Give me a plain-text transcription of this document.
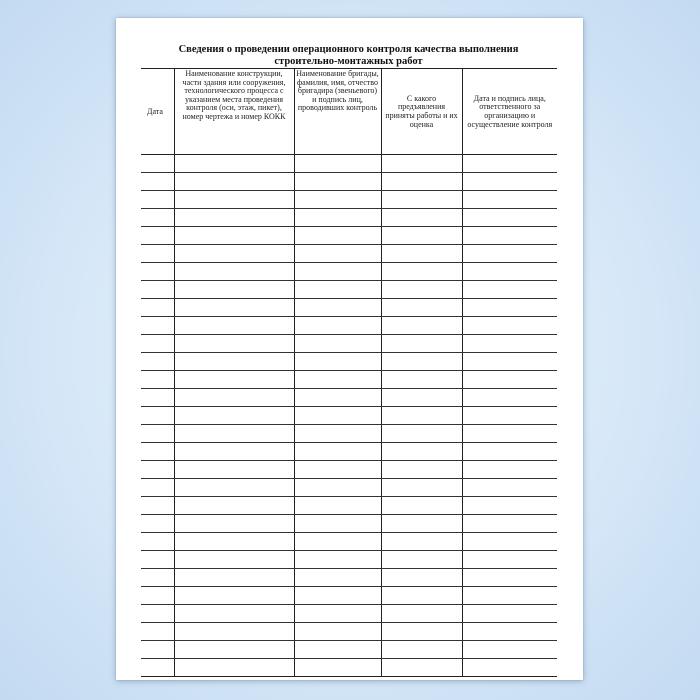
Сведения о проведении операционного контроля качества выполнения
строительно-монтажных работ
Дата	Наименование конструкции, части здания или сооружения, технологического процесса с указанием места проведения контроля (оси, этаж, пикет), номер чертежа и номер КОКК	Наименование бригады, фамилия, имя, отчество бригадира (звеньевого) и подпись лиц, проводивших контроль	С какого предъявления приняты работы и их оценка	Дата и подпись лица, ответственного за организацию и осуществление контроля
